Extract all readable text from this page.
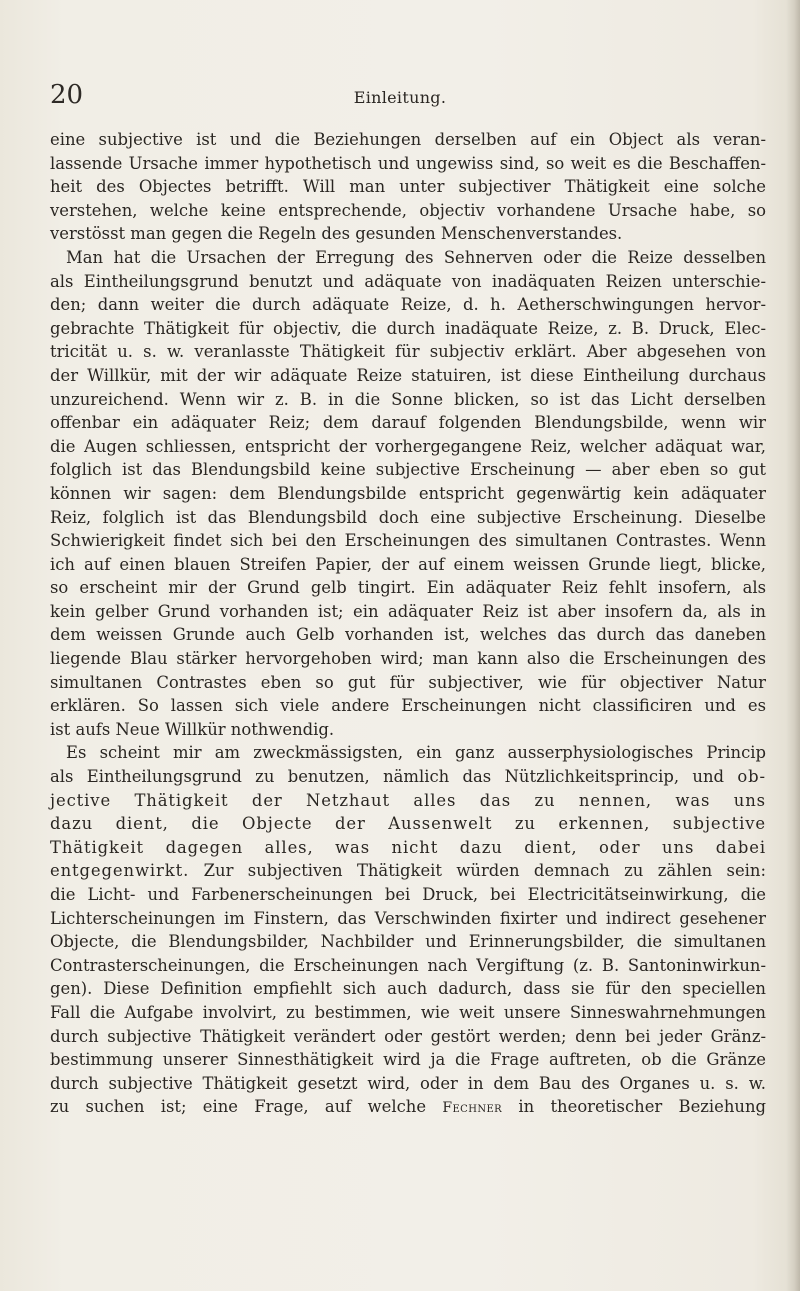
20	Einleitung.
eine subjective ist und die Beziehungen derselben auf ein Object als veran-
lassende Ursache immer hypothetisch und ungewiss sind, so weit es die Beschaffen-
heit des Objectes betrifft. Will man unter subjectiver Thätigkeit eine solche
verstehen, welche keine entsprechende, objectiv vorhandene Ursache habe, so
verstösst man gegen die Regeln des gesunden Menschenverstandes.
Man hat die Ursachen der Erregung des Sehnerven oder die Reize desselben
als Eintheilungsgrund benutzt und adäquate von inadäquaten Reizen unterschie-
den; dann weiter die durch adäquate Reize, d. h. Aetherschwingungen hervor-
gebrachte Thätigkeit für objectiv, die durch inadäquate Reize, z. B. Druck, Elec-
tricität u. s. w. veranlasste Thätigkeit für subjectiv erklärt. Aber abgesehen von
der Willkür, mit der wir adäquate Reize statuiren, ist diese Eintheilung durchaus
unzureichend. Wenn wir z. B. in die Sonne blicken, so ist das Licht derselben
offenbar ein adäquater Reiz; dem darauf folgenden Blendungsbilde, wenn wir
die Augen schliessen, entspricht der vorhergegangene Reiz, welcher adäquat war,
folglich ist das Blendungsbild keine subjective Erscheinung — aber eben so gut
können wir sagen: dem Blendungsbilde entspricht gegenwärtig kein adäquater
Reiz, folglich ist das Blendungsbild doch eine subjective Erscheinung. Dieselbe
Schwierigkeit findet sich bei den Erscheinungen des simultanen Contrastes. Wenn
ich auf einen blauen Streifen Papier, der auf einem weissen Grunde liegt, blicke,
so erscheint mir der Grund gelb tingirt. Ein adäquater Reiz fehlt insofern, als
kein gelber Grund vorhanden ist; ein adäquater Reiz ist aber insofern da, als in
dem weissen Grunde auch Gelb vorhanden ist, welches das durch das daneben
liegende Blau stärker hervorgehoben wird; man kann also die Erscheinungen des
simultanen Contrastes eben so gut für subjectiver, wie für objectiver Natur
erklären. So lassen sich viele andere Erscheinungen nicht classificiren und es
ist aufs Neue Willkür nothwendig.
Es scheint mir am zweckmässigsten, ein ganz ausserphysiologisches Princip
als Eintheilungsgrund zu benutzen, nämlich das Nützlichkeitsprincip, und ob-
jective Thätigkeit der Netzhaut alles das zu nennen, was uns
dazu dient, die Objecte der Aussenwelt zu erkennen, subjective
Thätigkeit dagegen alles, was nicht dazu dient, oder uns dabei
entgegenwirkt. Zur subjectiven Thätigkeit würden demnach zu zählen sein:
die Licht- und Farbenerscheinungen bei Druck, bei Electricitätseinwirkung, die
Lichterscheinungen im Finstern, das Verschwinden fixirter und indirect gesehener
Objecte, die Blendungsbilder, Nachbilder und Erinnerungsbilder, die simultanen
Contrasterscheinungen, die Erscheinungen nach Vergiftung (z. B. Santoninwirkun-
gen). Diese Definition empfiehlt sich auch dadurch, dass sie für den speciellen
Fall die Aufgabe involvirt, zu bestimmen, wie weit unsere Sinneswahrnehmungen
durch subjective Thätigkeit verändert oder gestört werden; denn bei jeder Gränz-
bestimmung unserer Sinnesthätigkeit wird ja die Frage auftreten, ob die Gränze
durch subjective Thätigkeit gesetzt wird, oder in dem Bau des Organes u. s. w.
zu suchen ist; eine Frage, auf welche Fechner in theoretischer Beziehung
